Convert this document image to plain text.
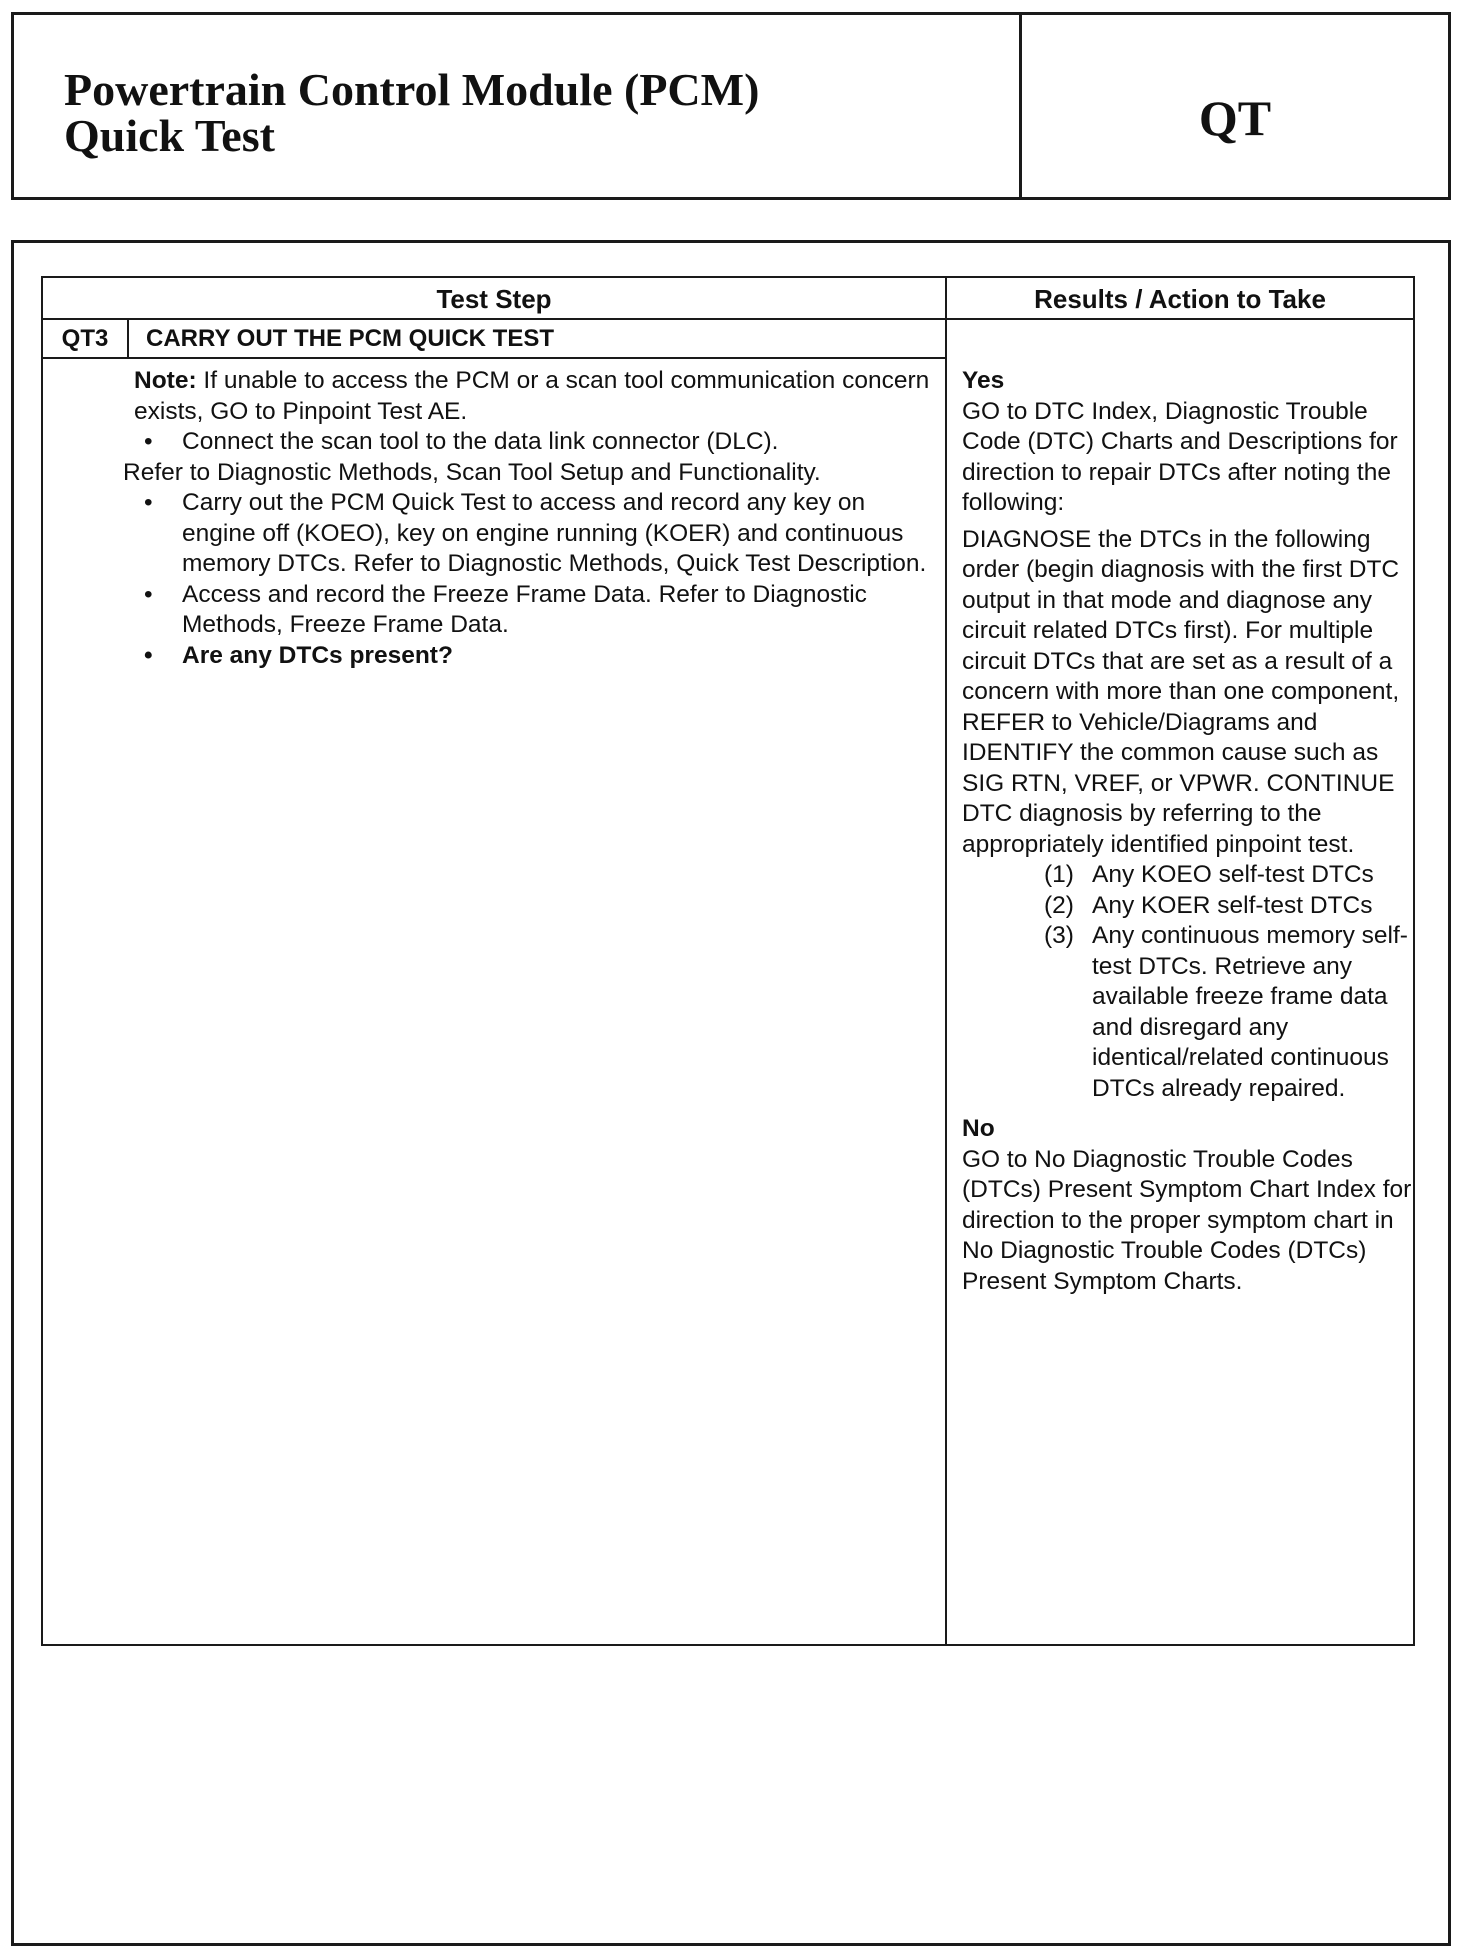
Powertrain Control Module (PCM)
Quick Test	QT
Test Step	Results / Action to Take
QT3	CARRY OUT THE PCM QUICK TEST

Note: If unable to access the PCM or a scan tool communication concern exists, GO to Pinpoint Test AE.

•	Connect the scan tool to the data link connector (DLC).
Refer to Diagnostic Methods, Scan Tool Setup and Functionality.
•	Carry out the PCM Quick Test to access and record any key on engine off (KOEO), key on engine running (KOER) and continuous memory DTCs. Refer to Diagnostic Methods, Quick Test Description.
•	Access and record the Freeze Frame Data. Refer to Diagnostic Methods, Freeze Frame Data.
•	Are any DTCs present?
Yes
GO to DTC Index, Diagnostic Trouble Code (DTC) Charts and Descriptions for direction to repair DTCs after noting the following:
DIAGNOSE the DTCs in the following order (begin diagnosis with the first DTC output in that mode and diagnose any circuit related DTCs first). For multiple circuit DTCs that are set as a result of a concern with more than one component, REFER to Vehicle/Diagrams and IDENTIFY the common cause such as SIG RTN, VREF, or VPWR. CONTINUE DTC diagnosis by referring to the appropriately identified pinpoint test.
(1) Any KOEO self-test DTCs
(2) Any KOER self-test DTCs
(3) Any continuous memory self-test DTCs. Retrieve any available freeze frame data and disregard any identical/related continuous DTCs already repaired.
No
GO to No Diagnostic Trouble Codes (DTCs) Present Symptom Chart Index for direction to the proper symptom chart in No Diagnostic Trouble Codes (DTCs) Present Symptom Charts.
